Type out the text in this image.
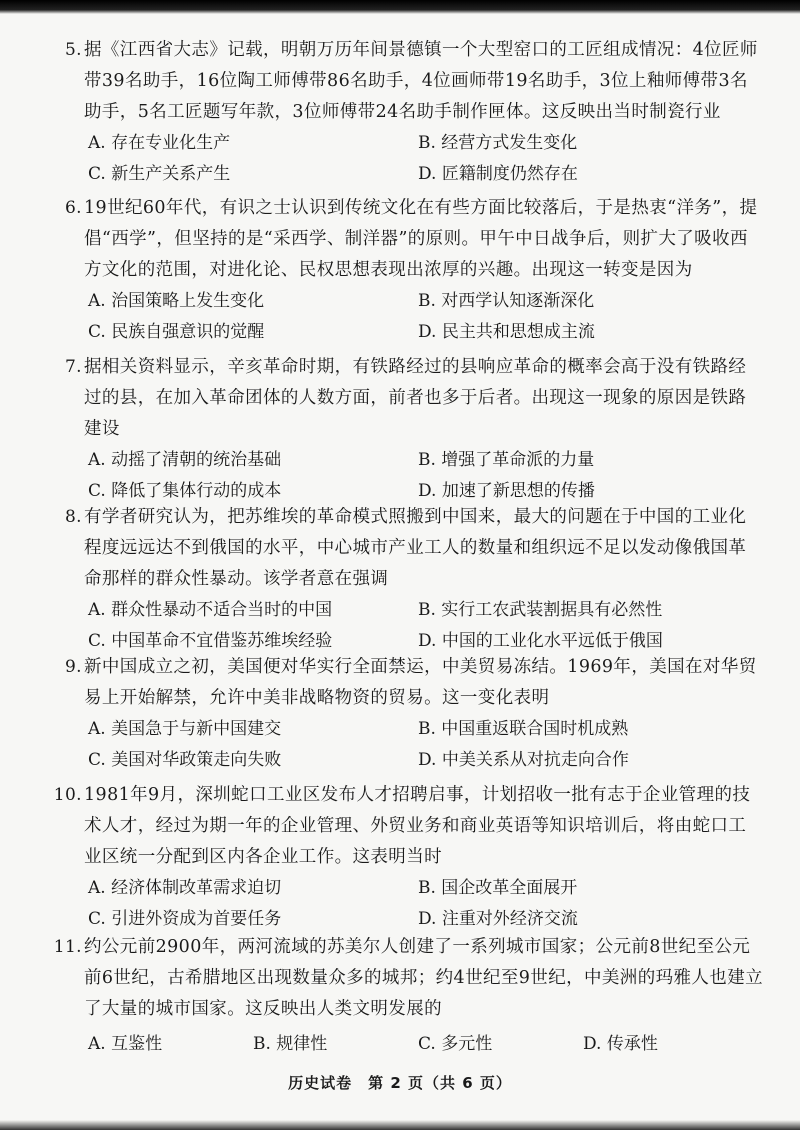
5. 据《江西省大志》记载，明朝万历年间景德镇一个大型窑口的工匠组成情况：4位匠师带39名助手，16位陶工师傅带86名助手，4位画师带19名助手，3位上釉师傅带3名助手，5名工匠题写年款，3位师傅带24名助手制作匣体。这反映出当时制瓷行业

A. 存在专业化生产	B. 经营方式发生变化
C. 新生产关系产生	D. 匠籍制度仍然存在

6. 19世纪60年代，有识之士认识到传统文化在有些方面比较落后，于是热衷“洋务”，提倡“西学”，但坚持的是“采西学、制洋器”的原则。甲午中日战争后，则扩大了吸收西方文化的范围，对进化论、民权思想表现出浓厚的兴趣。出现这一转变是因为

A. 治国策略上发生变化	B. 对西学认知逐渐深化
C. 民族自强意识的觉醒	D. 民主共和思想成主流

7. 据相关资料显示，辛亥革命时期，有铁路经过的县响应革命的概率会高于没有铁路经过的县，在加入革命团体的人数方面，前者也多于后者。出现这一现象的原因是铁路建设

A. 动摇了清朝的统治基础	B. 增强了革命派的力量
C. 降低了集体行动的成本	D. 加速了新思想的传播

8. 有学者研究认为，把苏维埃的革命模式照搬到中国来，最大的问题在于中国的工业化程度远远达不到俄国的水平，中心城市产业工人的数量和组织远不足以发动像俄国革命那样的群众性暴动。该学者意在强调

A. 群众性暴动不适合当时的中国	B. 实行工农武装割据具有必然性
C. 中国革命不宜借鉴苏维埃经验	D. 中国的工业化水平远低于俄国

9. 新中国成立之初，美国便对华实行全面禁运，中美贸易冻结。1969年，美国在对华贸易上开始解禁，允许中美非战略物资的贸易。这一变化表明

A. 美国急于与新中国建交	B. 中国重返联合国时机成熟
C. 美国对华政策走向失败	D. 中美关系从对抗走向合作

10. 1981年9月，深圳蛇口工业区发布人才招聘启事，计划招收一批有志于企业管理的技术人才，经过为期一年的企业管理、外贸业务和商业英语等知识培训后，将由蛇口工业区统一分配到区内各企业工作。这表明当时

A. 经济体制改革需求迫切	B. 国企改革全面展开
C. 引进外资成为首要任务	D. 注重对外经济交流

11. 约公元前2900年，两河流域的苏美尔人创建了一系列城市国家；公元前8世纪至公元前6世纪，古希腊地区出现数量众多的城邦；约4世纪至9世纪，中美洲的玛雅人也建立了大量的城市国家。这反映出人类文明发展的

A. 互鉴性	B. 规律性	C. 多元性	D. 传承性
历史试卷　第 2 页（共 6 页）
